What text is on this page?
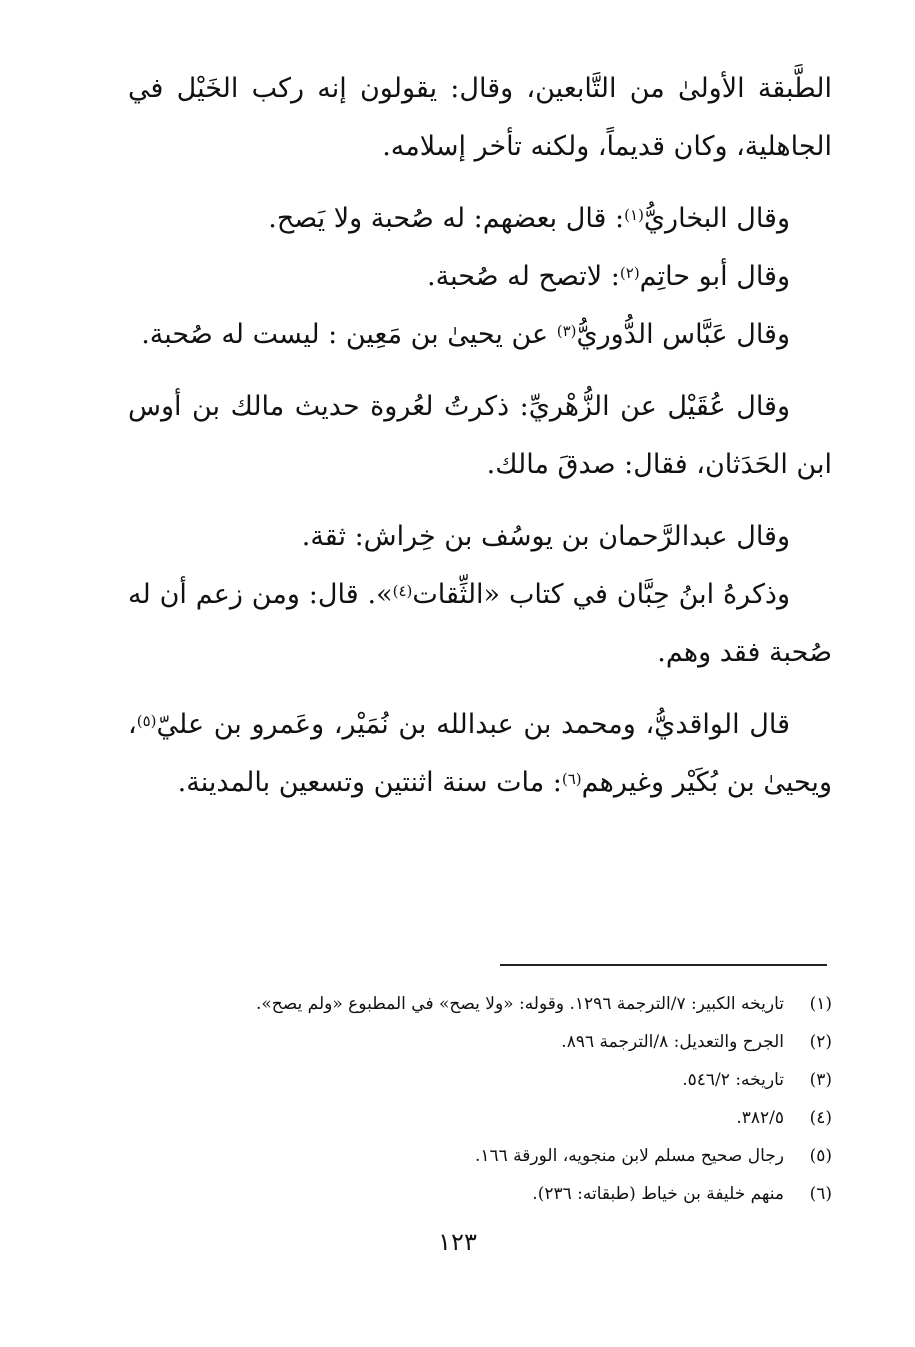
الطَّبقة الأولىٰ من التَّابعين، وقال: يقولون إنه ركب الخَيْل في الجاهلية، وكان قديماً، ولكنه تأخر إسلامه.

وقال البخاريُّ$^{(١)}$: قال بعضهم: له صُحبة ولا يَصح.

وقال أبو حاتِم$^{(٢)}$: لاتصح له صُحبة.

وقال عَبَّاس الدُّوريُّ$^{(٣)}$ عن يحيىٰ بن مَعِين : ليست له صُحبة.

وقال عُقَيْل عن الزُّهْريِّ: ذكرتُ لعُروة حديث مالك بن أوس ابن الحَدَثان، فقال: صدقَ مالك.

وقال عبدالرَّحمان بن يوسُف بن خِراش: ثقة.

وذكرهُ ابنُ حِبَّان في كتاب «الثِّقات$^{(٤)}$». قال: ومن زعم أن له صُحبة فقد وهم.

قال الواقديُّ، ومحمد بن عبدالله بن نُمَيْر، وعَمرو بن عليّ$^{(٥)}$، ويحيىٰ بن بُكَيْر وغيرهم$^{(٦)}$: مات سنة اثنتين وتسعين بالمدينة.

(١)
تاريخه الكبير: ٧/الترجمة ١٢٩٦. وقوله: «ولا يصح» في المطبوع «ولم يصح».
(٢)
الجرح والتعديل: ٨/الترجمة ٨٩٦.
(٣)
تاريخه: ٥٤٦/٢.
(٤)
٣٨٢/٥.
(٥)
رجال صحيح مسلم لابن منجويه، الورقة ١٦٦.
(٦)
منهم خليفة بن خياط (طبقاته: ٢٣٦).
١٢٣
